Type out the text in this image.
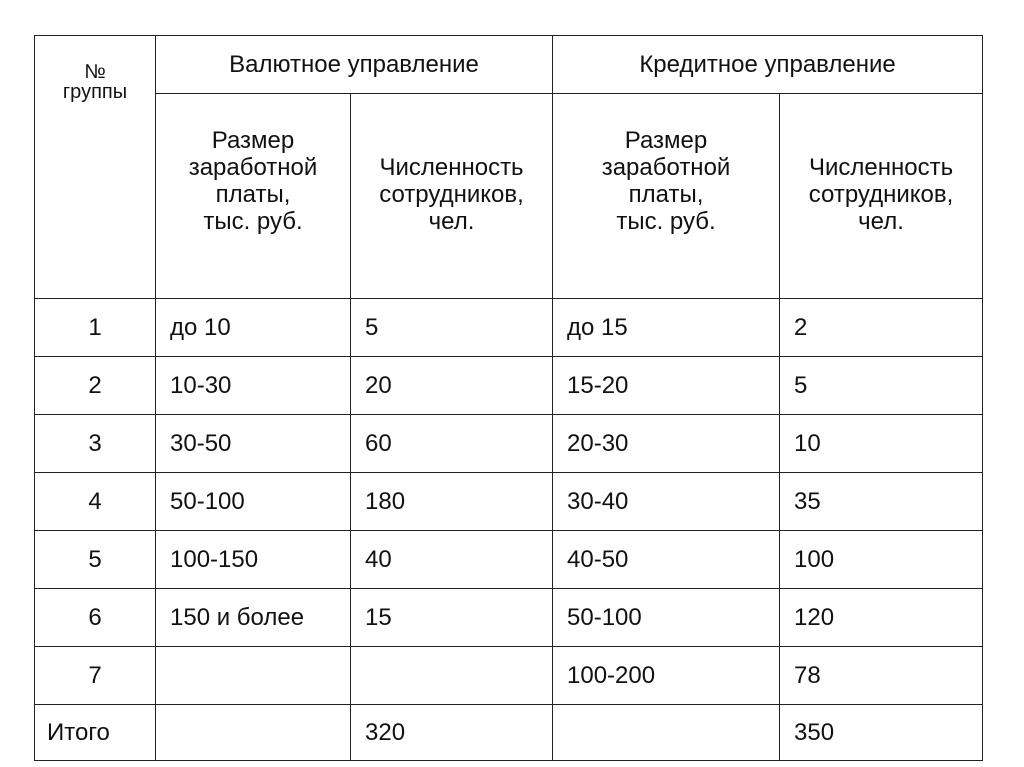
№
группы	Валютное управление		Кредитное управление	

	Размер
заработной
платы,
тыс. руб.	Численность
сотрудников,
чел.	Размер
заработной
платы,
тыс. руб.	Численность
сотрудников,
чел.

1	до 10	5	до 15	2
2	10-30	20	15-20	5
3	30-50	60	20-30	10
4	50-100	180	30-40	35
5	100-150	40	40-50	100
6	150 и более	15	50-100	120
7			100-200	78
Итого		320		350
